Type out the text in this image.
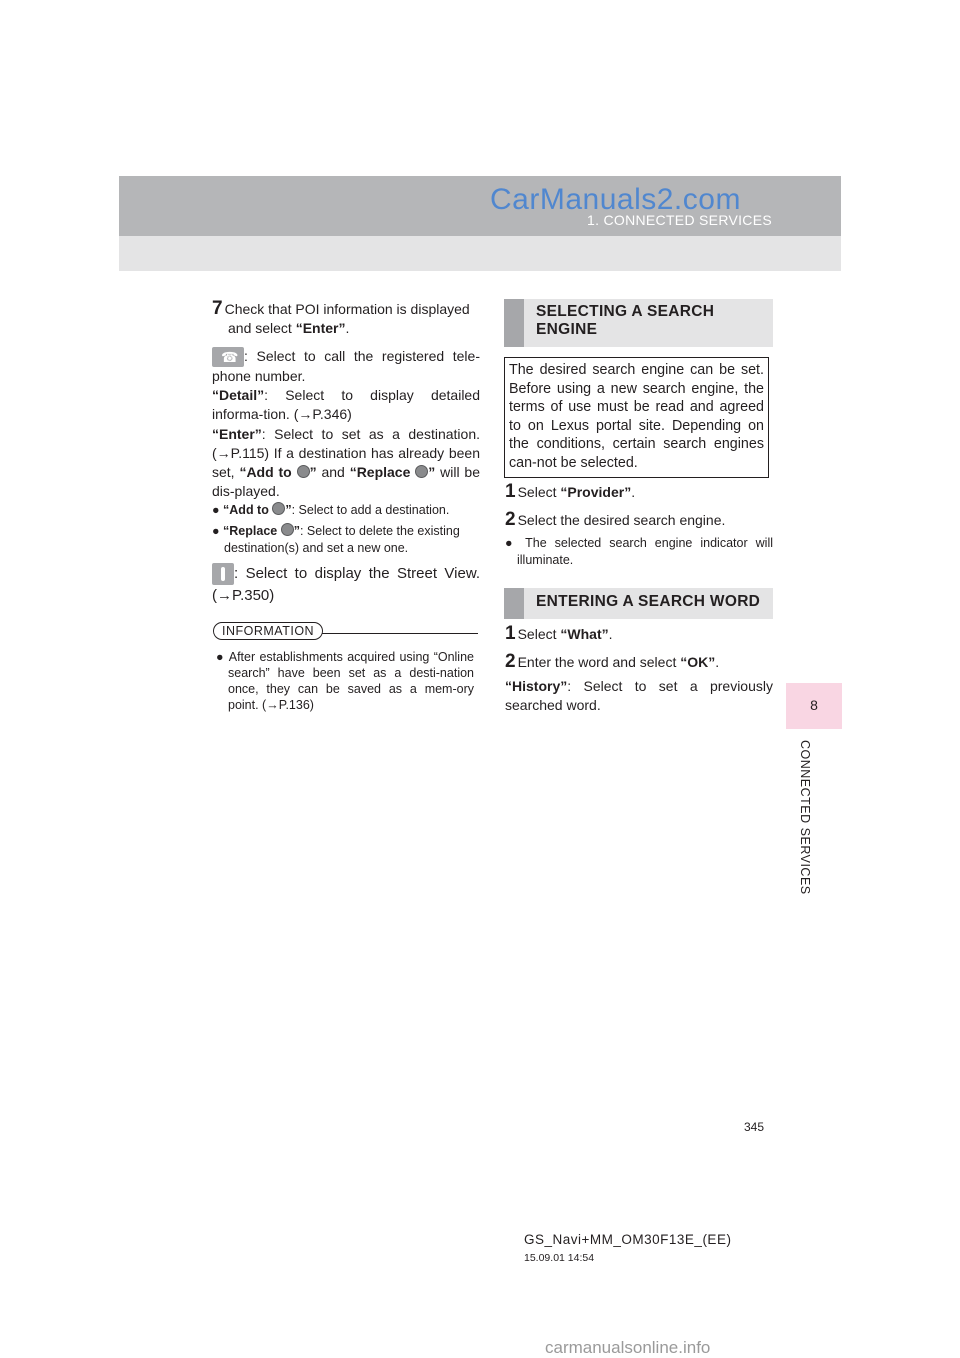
CarManuals2.com
1. CONNECTED SERVICES
8
CONNECTED SERVICES
7 Check that POI information is displayed and select “Enter”.
☎: Select to call the registered tele-phone number.
“Detail”: Select to display detailed informa-tion. (→P.346)
“Enter”: Select to set as a destination. (→P.115) If a destination has already been set, “Add to ” and “Replace ” will be dis-played.
● “Add to ”: Select to add a destination.
● “Replace ”: Select to delete the existing destination(s) and set a new one.
: Select to display the Street View. (→P.350)
INFORMATION
● After establishments acquired using “Online search” have been set as a desti-nation once, they can be saved as a mem-ory point. (→P.136)
SELECTING A SEARCH ENGINE
The desired search engine can be set. Before using a new search engine, the terms of use must be read and agreed to on Lexus portal site. Depending on the conditions, certain search engines can-not be selected.
1 Select “Provider”.
2 Select the desired search engine.
● The selected search engine indicator will illuminate.
ENTERING A SEARCH WORD
1 Select “What”.
2 Enter the word and select “OK”.
“History”: Select to set a previously searched word.
345
GS_Navi+MM_OM30F13E_(EE)
15.09.01 14:54
carmanualsonline.info
